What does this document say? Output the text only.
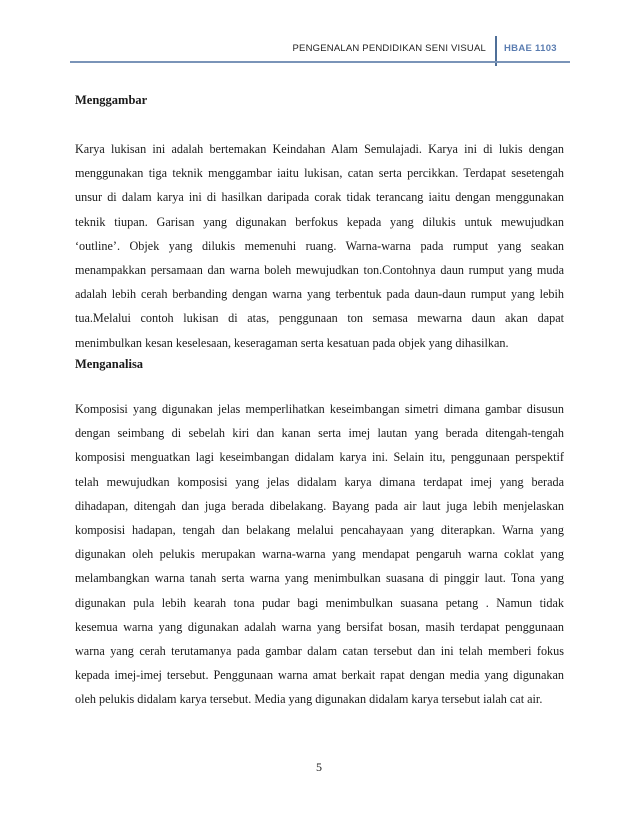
PENGENALAN PENDIDIKAN SENI VISUAL HBAE 1103
Menggambar
Karya lukisan ini adalah bertemakan Keindahan Alam Semulajadi. Karya ini di lukis dengan
menggunakan tiga teknik menggambar iaitu lukisan, catan serta percikkan. Terdapat sesetengah
unsur di dalam karya ini di hasilkan daripada corak tidak terancang iaitu dengan menggunakan
teknik tiupan. Garisan yang digunakan berfokus kepada yang dilukis untuk mewujudkan
‘outline’. Objek yang dilukis memenuhi ruang. Warna-warna pada rumput yang seakan
menampakkan persamaan dan warna boleh mewujudkan ton.Contohnya daun rumput yang muda
adalah lebih cerah berbanding dengan warna yang terbentuk pada daun-daun rumput yang lebih
tua.Melalui contoh lukisan di atas, penggunaan ton semasa mewarna daun akan dapat
menimbulkan kesan keselesaan, keseragaman serta kesatuan pada objek yang dihasilkan.
Menganalisa
Komposisi yang digunakan jelas memperlihatkan keseimbangan simetri dimana gambar disusun
dengan seimbang di sebelah kiri dan kanan serta imej lautan yang berada ditengah-tengah
komposisi menguatkan lagi keseimbangan didalam karya ini. Selain itu, penggunaan perspektif
telah mewujudkan komposisi yang jelas didalam karya dimana terdapat imej yang berada
dihadapan, ditengah dan juga berada dibelakang. Bayang pada air laut juga lebih menjelaskan
komposisi hadapan, tengah dan belakang melalui pencahayaan yang diterapkan. Warna yang
digunakan oleh pelukis merupakan warna-warna yang mendapat pengaruh warna coklat yang
melambangkan warna tanah serta warna yang menimbulkan suasana di pinggir laut. Tona yang
digunakan pula lebih kearah tona pudar bagi menimbulkan suasana petang . Namun tidak
kesemua warna yang digunakan adalah warna yang bersifat bosan, masih terdapat penggunaan
warna yang cerah terutamanya pada gambar dalam catan tersebut dan ini telah memberi fokus
kepada imej-imej tersebut. Penggunaan warna amat berkait rapat dengan media yang digunakan
oleh pelukis didalam karya tersebut. Media yang digunakan didalam karya tersebut ialah cat air.
5
